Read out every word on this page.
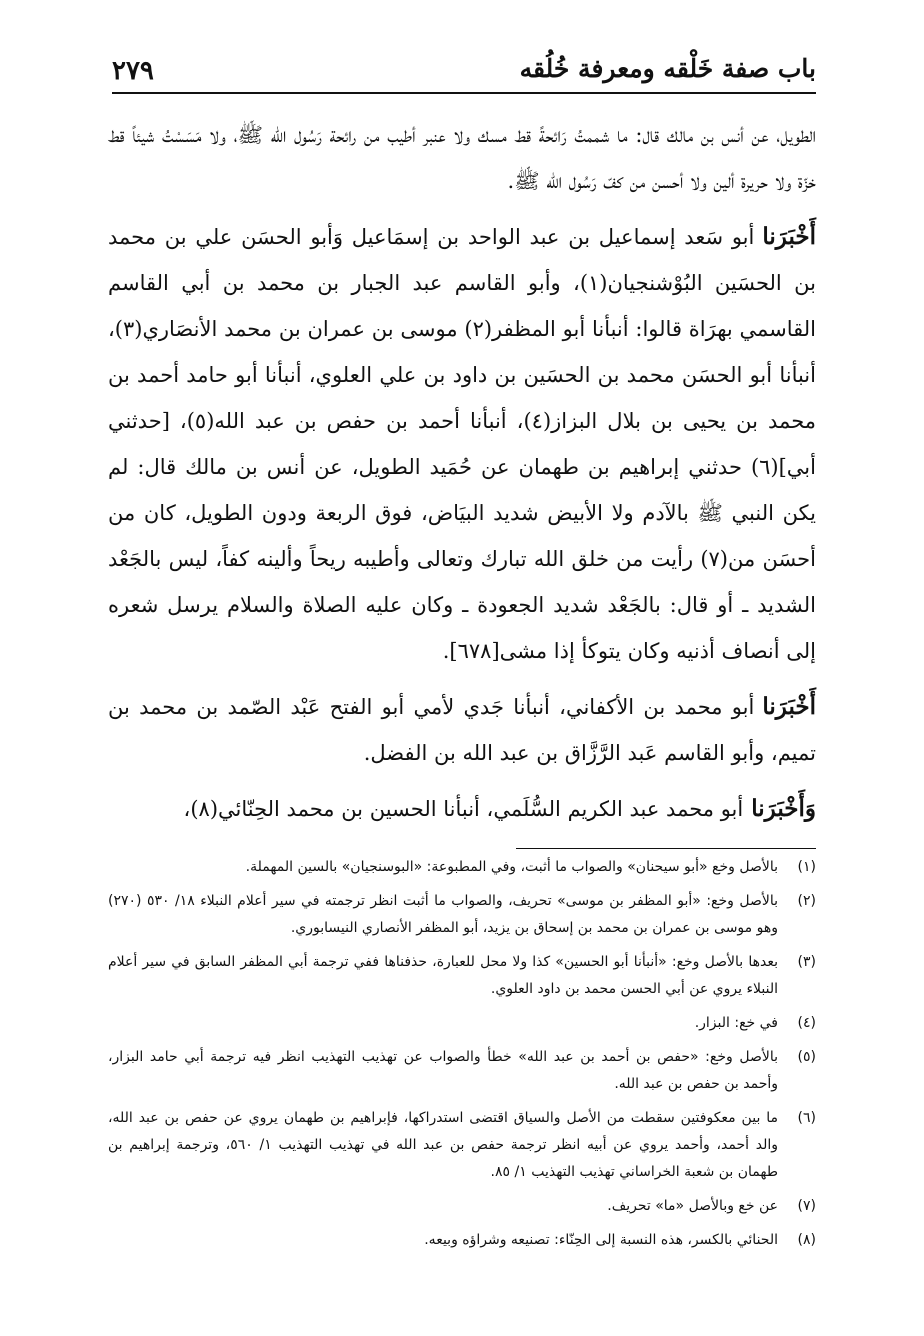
باب صفة خَلْقه ومعرفة خُلُقه
٢٧٩

الطويل، عن أنس بن مالك قال: ما شممتُ رَائحةً قط مسك ولا عنبر أطيب من رائحة رَسُول الله ﷺ، ولا مَسَسْتُ شيئاً قط خزّة ولا حريرة ألين ولا أحسن من كفّ رَسُول الله ﷺ.

أَخْبَرَناأبو سَعد إسماعيل بن عبد الواحد بن إسمَاعيل وَأبو الحسَن علي بن محمد بن الحسَين البُوْشنجيان(١)، وأبو القاسم عبد الجبار بن محمد بن أبي القاسم القاسمي بهرَاة قالوا: أنبأنا أبو المظفر(٢) موسى بن عمران بن محمد الأنصَاري(٣)، أنبأنا أبو الحسَن محمد بن الحسَين بن داود بن علي العلوي، أنبأنا أبو حامد أحمد بن محمد بن يحيى بن بلال البزاز(٤)، أنبأنا أحمد بن حفص بن عبد الله(٥)، [حدثني أبي](٦) حدثني إبراهيم بن طهمان عن حُمَيد الطويل، عن أنس بن مالك قال: لم يكن النبي ﷺ بالآدم ولا الأبيض شديد البيَاض، فوق الربعة ودون الطويل، كان من أحسَن من(٧) رأيت من خلق الله تبارك وتعالى وأطيبه ريحاً وألينه كفاً، ليس بالجَعْد الشديد ـ أو قال: بالجَعْد شديد الجعودة ـ وكان عليه الصلاة والسلام يرسل شعره إلى أنصاف أذنيه وكان يتوكأ إذا مشى[٦٧٨].

أَخْبَرَناأبو محمد بن الأكفاني، أنبأنا جَدي لأمي أبو الفتح عَبْد الصّمد بن محمد بن تميم، وأبو القاسم عَبد الرَّزَّاق بن عبد الله بن الفضل.

وَأَخْبَرَناأبو محمد عبد الكريم السُّلَمي، أنبأنا الحسين بن محمد الحِنّائي(٨)،

(١)
بالأصل وخع «أبو سيحنان» والصواب ما أثبت، وفي المطبوعة: «البوسنجيان» بالسين المهملة.
(٢)
بالأصل وخع: «أبو المظفر بن موسى» تحريف، والصواب ما أثبت انظر ترجمته في سير أعلام النبلاء ١٨/ ٥٣٠ (٢٧٠) وهو موسى بن عمران بن محمد بن إسحاق بن يزيد، أبو المظفر الأنصاري النيسابوري.
(٣)
بعدها بالأصل وخع: «أنبأنا أبو الحسين» كذا ولا محل للعبارة، حذفناها ففي ترجمة أبي المظفر السابق في سير أعلام النبلاء يروي عن أبي الحسن محمد بن داود العلوي.
(٤)
في خع: البزار.
(٥)
بالأصل وخع: «حفص بن أحمد بن عبد الله» خطأ والصواب عن تهذيب التهذيب انظر فيه ترجمة أبي حامد البزار، وأحمد بن حفص بن عبد الله.
(٦)
ما بين معكوفتين سقطت من الأصل والسياق اقتضى استدراكها، فإبراهيم بن طهمان يروي عن حفص بن عبد الله، والد أحمد، وأحمد يروي عن أبيه انظر ترجمة حفص بن عبد الله في تهذيب التهذيب ١/ ٥٦٠، وترجمة إبراهيم بن طهمان بن شعبة الخراساني تهذيب التهذيب ١/ ٨٥.
(٧)
عن خع وبالأصل «ما» تحريف.
(٨)
الحنائي بالكسر، هذه النسبة إلى الحِنّاء: تصنيعه وشراؤه وبيعه.
